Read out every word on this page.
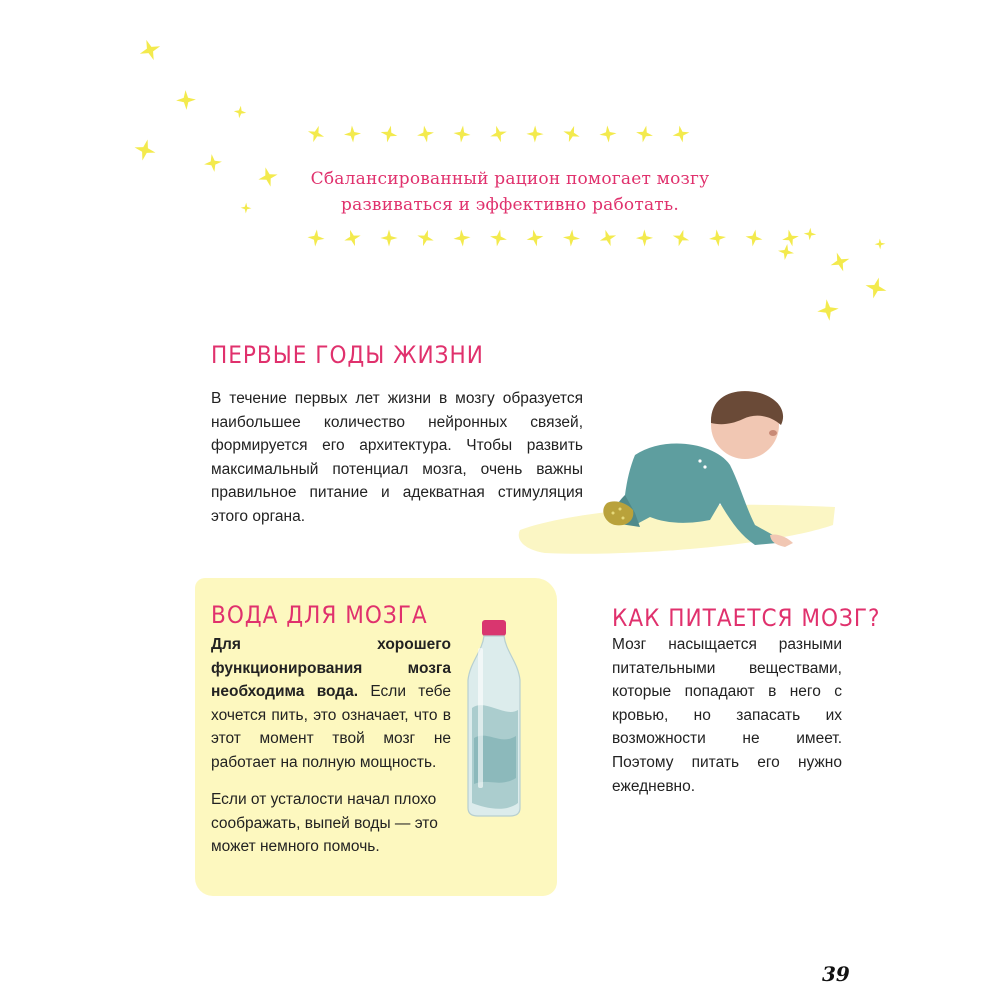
Сбалансированный рацион помогает мозгу
развиваться и эффективно работать.
ПЕРВЫЕ ГОДЫ ЖИЗНИ

В течение первых лет жизни в мозгу образуется наибольшее количество нейронных связей, формируется его архитектура. Чтобы развить максимальный потенциал мозга, очень важны правильное питание и адекватная стимуляция этого органа.

ВОДА ДЛЯ МОЗГА

Для хорошего функционирования мозга необходима вода. Если тебе хочется пить, это означает, что в этот момент твой мозг не работает на полную мощность.

Если от усталости начал плохо соображать, выпей воды — это может немного помочь.

КАК ПИТАЕТСЯ МОЗГ?

Мозг насыщается разными питательными веществами, которые попадают в него с кровью, но запасать их возможности не имеет. Поэтому питать его нужно ежедневно.

39
